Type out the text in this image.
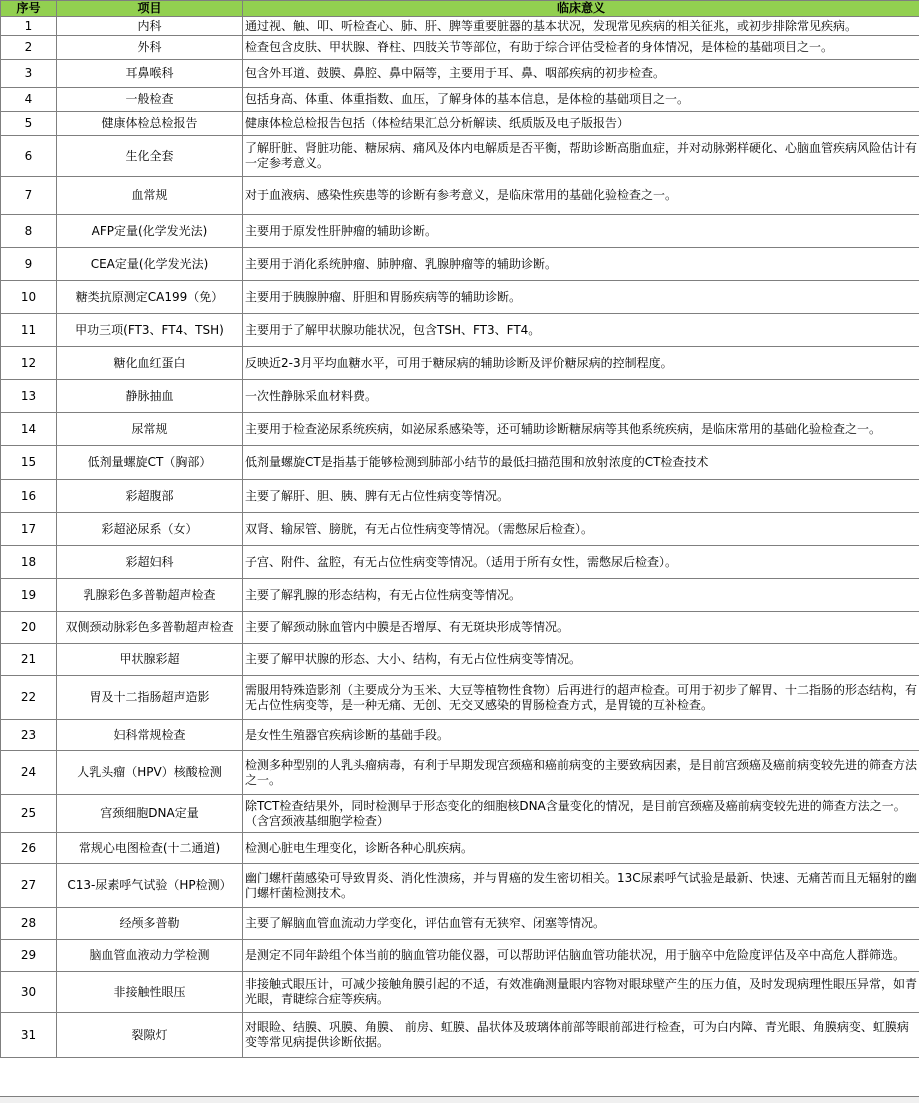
序号	项目	临床意义
1	内科	通过视、触、叩、听检查心、肺、肝、脾等重要脏器的基本状况，发现常见疾病的相关征兆，或初步排除常见疾病。
2	外科	检查包含皮肤、甲状腺、脊柱、四肢关节等部位，有助于综合评估受检者的身体情况，是体检的基础项目之一。
3	耳鼻喉科	包含外耳道、鼓膜、鼻腔、鼻中隔等，主要用于耳、鼻、咽部疾病的初步检查。
4	一般检查	包括身高、体重、体重指数、血压，了解身体的基本信息，是体检的基础项目之一。
5	健康体检总检报告	健康体检总检报告包括（体检结果汇总分析解读、纸质版及电子版报告）
6	生化全套	了解肝脏、肾脏功能、糖尿病、痛风及体内电解质是否平衡，帮助诊断高脂血症，并对动脉粥样硬化、心脑血管疾病风险估计有一定参考意义。
7	血常规	对于血液病、感染性疾患等的诊断有参考意义，是临床常用的基础化验检查之一。
8	AFP定量(化学发光法)	主要用于原发性肝肿瘤的辅助诊断。
9	CEA定量(化学发光法)	主要用于消化系统肿瘤、肺肿瘤、乳腺肿瘤等的辅助诊断。
10	糖类抗原测定CA199（免）	主要用于胰腺肿瘤、肝胆和胃肠疾病等的辅助诊断。
11	甲功三项(FT3、FT4、TSH)	主要用于了解甲状腺功能状况，包含TSH、FT3、FT4。
12	糖化血红蛋白	反映近2-3月平均血糖水平，可用于糖尿病的辅助诊断及评价糖尿病的控制程度。
13	静脉抽血	一次性静脉采血材料费。
14	尿常规	主要用于检查泌尿系统疾病，如泌尿系感染等，还可辅助诊断糖尿病等其他系统疾病，是临床常用的基础化验检查之一。
15	低剂量螺旋CT（胸部）	低剂量螺旋CT是指基于能够检测到肺部小结节的最低扫描范围和放射浓度的CT检查技术
16	彩超腹部	主要了解肝、胆、胰、脾有无占位性病变等情况。
17	彩超泌尿系（女）	双肾、输尿管、膀胱，有无占位性病变等情况。（需憋尿后检查）。
18	彩超妇科	子宫、附件、盆腔，有无占位性病变等情况。（适用于所有女性，需憋尿后检查）。
19	乳腺彩色多普勒超声检查	主要了解乳腺的形态结构，有无占位性病变等情况。
20	双侧颈动脉彩色多普勒超声检查	主要了解颈动脉血管内中膜是否增厚、有无斑块形成等情况。
21	甲状腺彩超	主要了解甲状腺的形态、大小、结构，有无占位性病变等情况。
22	胃及十二指肠超声造影	需服用特殊造影剂（主要成分为玉米、大豆等植物性食物）后再进行的超声检查。可用于初步了解胃、十二指肠的形态结构，有无占位性病变等，是一种无痛、无创、无交叉感染的胃肠检查方式，是胃镜的互补检查。
23	妇科常规检查	是女性生殖器官疾病诊断的基础手段。
24	人乳头瘤（HPV）核酸检测	检测多种型别的人乳头瘤病毒，有利于早期发现宫颈癌和癌前病变的主要致病因素，是目前宫颈癌及癌前病变较先进的筛查方法之一。
25	宫颈细胞DNA定量	除TCT检查结果外，同时检测早于形态变化的细胞核DNA含量变化的情况，是目前宫颈癌及癌前病变较先进的筛查方法之一。（含宫颈液基细胞学检查）
26	常规心电图检查(十二通道)	检测心脏电生理变化，诊断各种心肌疾病。
27	C13-尿素呼气试验（HP检测）	幽门螺杆菌感染可导致胃炎、消化性溃疡，并与胃癌的发生密切相关。13C尿素呼气试验是最新、快速、无痛苦而且无辐射的幽门螺杆菌检测技术。
28	经颅多普勒	主要了解脑血管血流动力学变化，评估血管有无狭窄、闭塞等情况。
29	脑血管血液动力学检测	是测定不同年龄组个体当前的脑血管功能仪器，可以帮助评估脑血管功能状况，用于脑卒中危险度评估及卒中高危人群筛选。
30	非接触性眼压	非接触式眼压计，可减少接触角膜引起的不适，有效准确测量眼内容物对眼球壁产生的压力值，及时发现病理性眼压异常，如青光眼，青睫综合症等疾病。
31	裂隙灯	对眼睑、结膜、巩膜、角膜、 前房、虹膜、晶状体及玻璃体前部等眼前部进行检查，可为白内障、青光眼、角膜病变、虹膜病变等常见病提供诊断依据。
